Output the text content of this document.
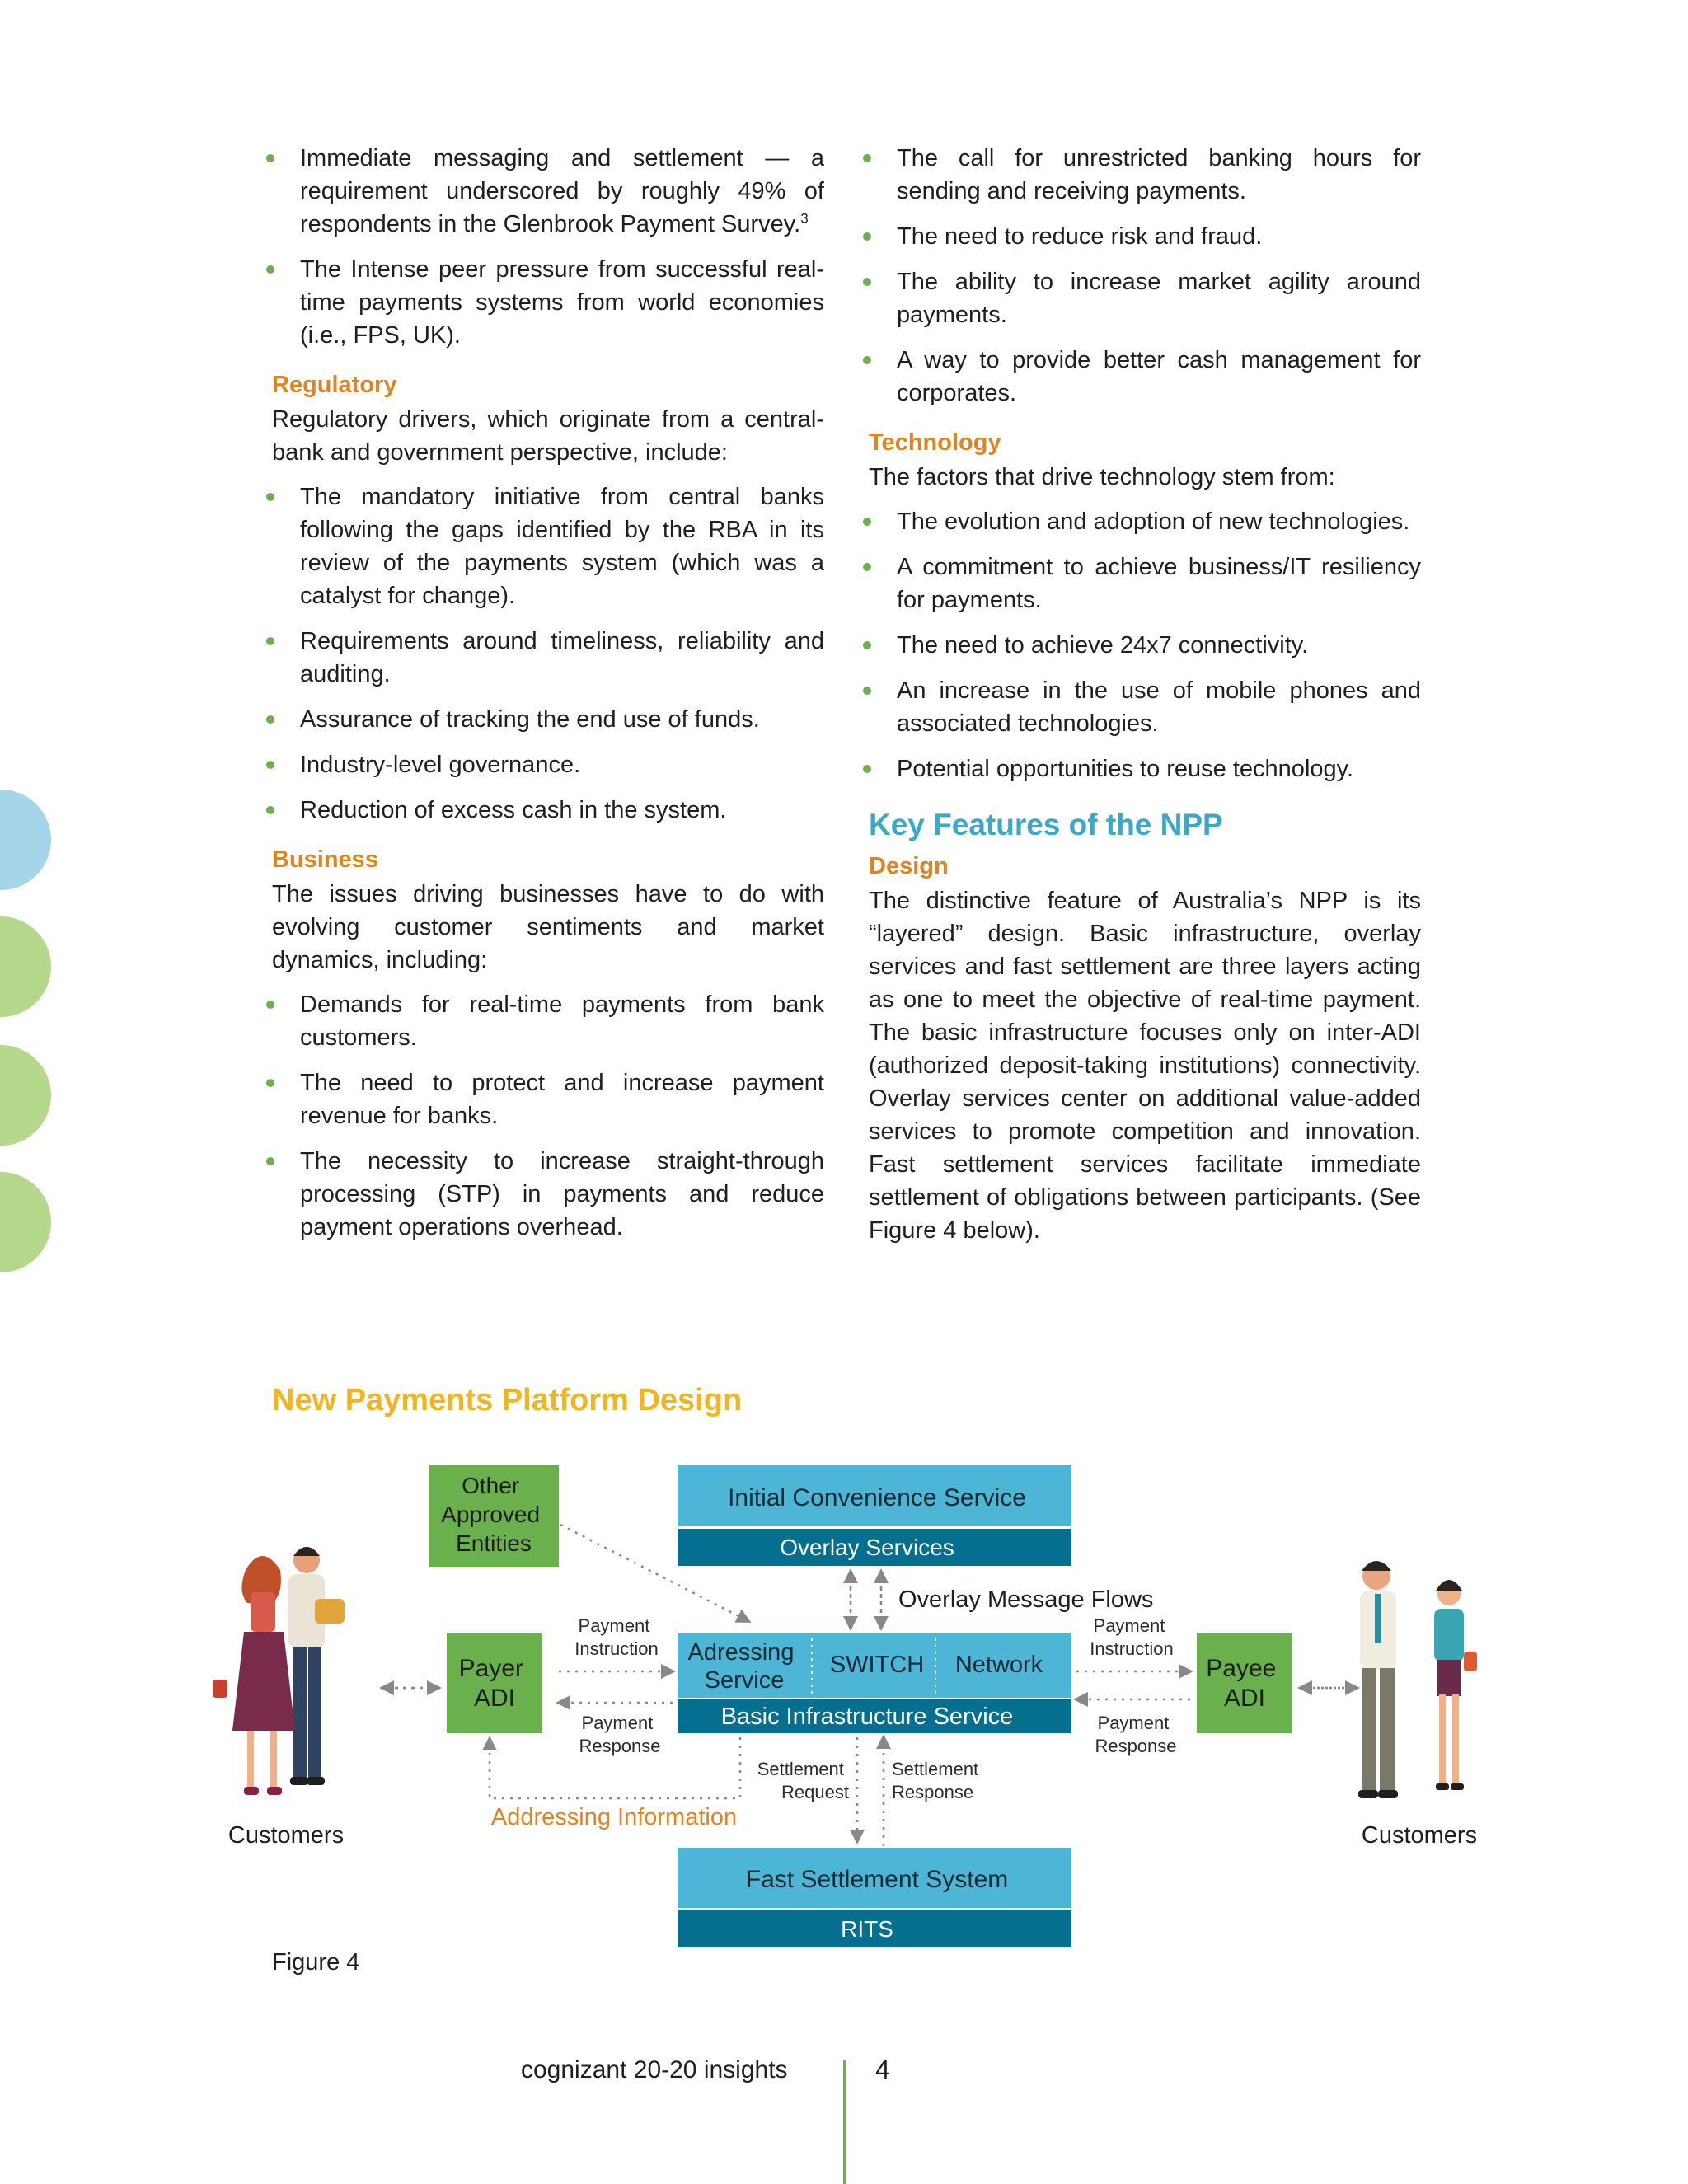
Immediate messaging and settlement — a requirement underscored by roughly 49% of respondents in the Glenbrook Payment Survey.$^3$
The Intense peer pressure from successful real-time payments systems from world economies (i.e., FPS, UK).
Regulatory

Regulatory drivers, which originate from a central-bank and government perspective, include:

The mandatory initiative from central banks following the gaps identified by the RBA in its review of the payments system (which was a catalyst for change).
Requirements around timeliness, reliability and auditing.
Assurance of tracking the end use of funds.
Industry-level governance.
Reduction of excess cash in the system.
Business

The issues driving businesses have to do with evolving customer sentiments and market dynamics, including:

Demands for real-time payments from bank customers.
The need to protect and increase payment revenue for banks.
The necessity to increase straight-through processing (STP) in payments and reduce payment operations overhead.
The call for unrestricted banking hours for sending and receiving payments.
The need to reduce risk and fraud.
The ability to increase market agility around payments.
A way to provide better cash management for corporates.
Technology

The factors that drive technology stem from:

The evolution and adoption of new technologies.
A commitment to achieve business/IT resiliency for payments.
The need to achieve 24x7 connectivity.
An increase in the use of mobile phones and associated technologies.
Potential opportunities to reuse technology.
Key Features of the NPP
Design

The distinctive feature of Australia’s NPP is its “layered” design. Basic infrastructure, overlay services and fast settlement are three layers acting as one to meet the objective of real-time payment. The basic infrastructure focuses only on inter-ADI (authorized deposit-taking institutions) connectivity. Overlay services center on additional value-added services to promote competition and innovation. Fast settlement services facilitate immediate settlement of obligations between participants. (See Figure 4 below).

New Payments Platform Design
Other Approved Entities
Initial Convenience Service
Overlay Services
Overlay Message Flows
Adressing Service
SWITCH Network
Basic Infrastructure Service
Payer ADI
Payee ADI
Payment Instruction
Payment Response
Payment Instruction
Payment Response
Addressing Information
Settlement Request
Settlement Response
Fast Settlement System
RITS
Customers	Customers
Figure 4
cognizant 20-20 insights	4
